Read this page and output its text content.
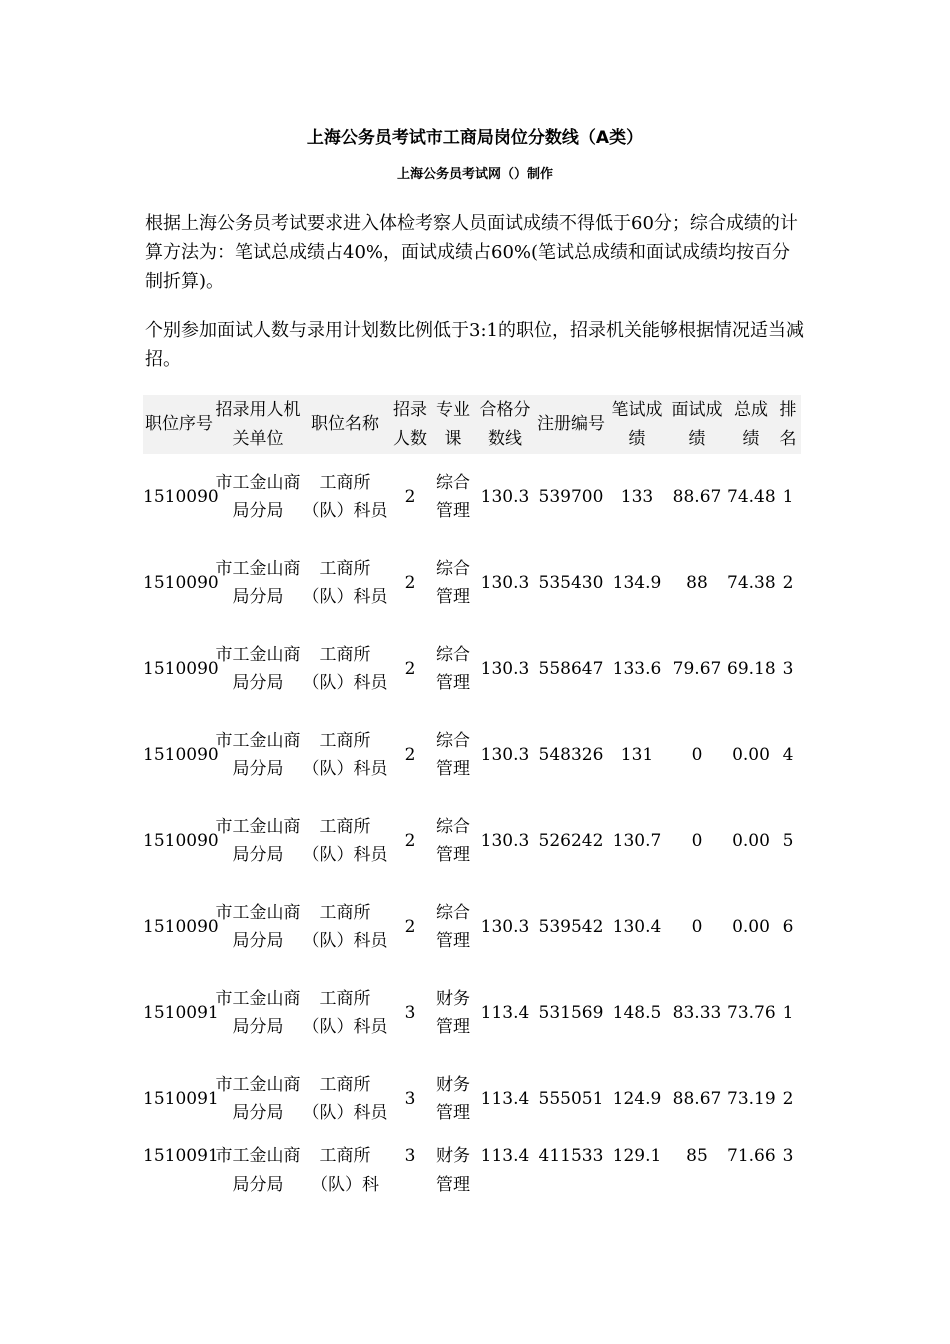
上海公务员考试市工商局岗位分数线（A类）
上海公务员考试网（）制作

根据上海公务员考试要求进入体检考察人员面试成绩不得低于60分；综合成绩的计算方法为：笔试总成绩占40%，面试成绩占60%(笔试总成绩和面试成绩均按百分制折算)。

个别参加面试人数与录用计划数比例低于3:1的职位，招录机关能够根据情况适当减招。

职位序号	招录用人机关单位	职位名称	招录人数	专业课	合格分数线	注册编号	笔试成绩	面试成绩	总成绩	排名
1510090	市工金山商局分局	工商所（队）科员	2	综合管理	130.3	539700	133	88.67	74.48	1
1510090	市工金山商局分局	工商所（队）科员	2	综合管理	130.3	535430	134.9	88	74.38	2
1510090	市工金山商局分局	工商所（队）科员	2	综合管理	130.3	558647	133.6	79.67	69.18	3
1510090	市工金山商局分局	工商所（队）科员	2	综合管理	130.3	548326	131	0	0.00	4
1510090	市工金山商局分局	工商所（队）科员	2	综合管理	130.3	526242	130.7	0	0.00	5
1510090	市工金山商局分局	工商所（队）科员	2	综合管理	130.3	539542	130.4	0	0.00	6
1510091	市工金山商局分局	工商所（队）科员	3	财务管理	113.4	531569	148.5	83.33	73.76	1
1510091	市工金山商局分局	工商所（队）科员	3	财务管理	113.4	555051	124.9	88.67	73.19	2
1510091	市工金山商局分局	工商所（队）科	3	财务管理	113.4	411533	129.1	85	71.66	3
